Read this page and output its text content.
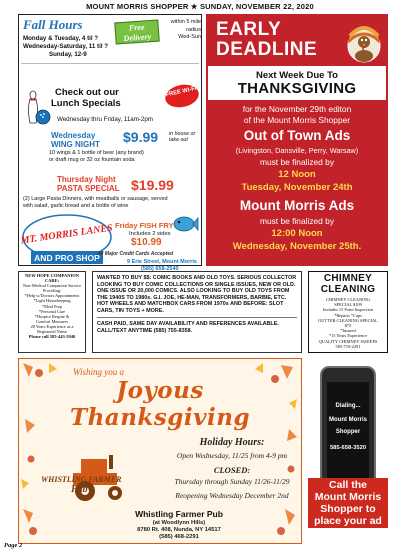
MOUNT MORRIS SHOPPER ★ SUNDAY, NOVEMBER 22, 2020
Fall Hours
Monday & Tuesday, 4 til ?
Wednesday-Saturday, 11 til ?
Sunday, 12-9
Free Delivery
within 5 mile
radius
Wed-Sun
Check out our
Lunch Specials
FREE WI-FI
Wednesday thru Friday, 11am-2pm
Wednesday
WING NIGHT $9.99 in house or take out
10 wings & 1 bottle of beer (any brand)
or draft mug or 32 oz fountain soda
Thursday Night
PASTA SPECIAL $19.99
(2) Large Pasta Dinners, with meatballs or sausage, served
with salad, garlic bread and a bottle of wine
MT. MORRIS LANES
AND PRO SHOP
Friday FISH FRY
Includes 2 sides
$10.99
All Major Credit Cards Accepted
9 Erie Street, Mount Morris
(585) 658-2540
EARLY
DEADLINE
Next Week Due To
THANKSGIVING
for the November 29th editon
of the Mount Morris Shopper
Out of Town Ads
(Livingston, Dansville, Perry, Warsaw)
must be finalized by
12 Noon
Tuesday, November 24th
Mount Morris Ads
must be finalized by
12:00 Noon
Wednesday, November 25th.
NEW HOPE COMPANION CARE:
Non-Medical Companion Service Providing:
*Help w/Doctors Appointments
*Light Housekeeping
*Meal Prep
*Personal Care
*Hospice Respite &
Comfort Measures
28 Years Experience as a
Registered Nurse
Please call 585-443-5940
WANTED TO BUY $$: COMIC BOOKS AND OLD TOYS. SERIOUS COLLECTOR LOOKING TO BUY COMIC COLLECTIONS OR SINGLE ISSUES, NEW OR OLD. ONE ISSUE OR 20,000 COMICS. ALSO LOOKING TO BUY OLD TOYS FROM THE 1940S TO 1980s. G.I. JOE, HE-MAN, TRANSFORMERS, BARBIE, ETC. HOT WHEELS AND MATCHBOX CARS FROM 1970s AND BEFORE: SLOT CARS, TIN TOYS + MORE.
CASH PAID, SAME DAY AVAILABILITY AND REFERENCES AVAILABLE. CALL/TEXT ANYTIME (585) 755-8358.
CHIMNEY
CLEANING
CHIMNEY CLEANING
SPECIAL $109
Includes 15 Point Inspection
*Repairs *Caps
GUTTER CLEANING SPECIAL
$75
*Insured
*15 Years Experience
QUALITY CHIMNEY SWEEPS
585-710-2291
Wishing you a
Joyous Thanksgiving
WHISTLING FARMER
Pub
Holiday Hours:
Open Wednesday, 11/25 from 4-9 pm
CLOSED:
Thursday through Sunday 11/26-11/29
Reopening Wednesday December 2nd
Whistling Farmer Pub
(at Woodlynn Hills)
8780 Rt. 408, Nunda, NY 14517
(585) 468-2291
Dialing...
Mount Morris
Shopper
585-658-3520
Call the
Mount Morris
Shopper to
place your ad
Page 2
